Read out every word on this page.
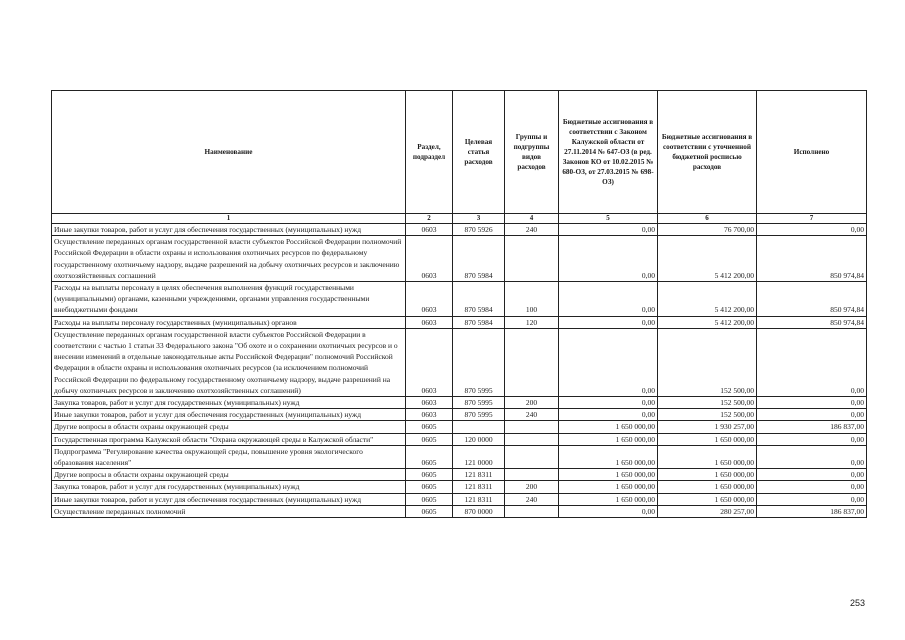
Наименование	Раздел, подраздел	Целевая статья расходов	Группы и подгруппы видов расходов	Бюджетные ассигнования в соответствии с Законом Калужской области от 27.11.2014 № 647-ОЗ (в ред. Законов КО от 10.02.2015 № 680-ОЗ, от 27.03.2015 № 698-ОЗ)	Бюджетные ассигнования в соответствии с уточненной бюджетной росписью расходов	Исполнено
1	2	3	4	5	6	7
Иные закупки товаров, работ и услуг для обеспечения государственных (муниципальных) нужд	0603	870 5926	240	0,00	76 700,00	0,00
Осуществление переданных органам государственной власти субъектов Российской Федерации полномочий Российской Федерации в области охраны и использования охотничьих ресурсов по федеральному государственному охотничьему надзору, выдаче разрешений на добычу охотничьих ресурсов и заключению охотхозяйственных соглашений	0603	870 5984		0,00	5 412 200,00	850 974,84
Расходы на выплаты персоналу в целях обеспечения выполнения функций государственными (муниципальными) органами, казенными учреждениями, органами управления государственными внебюджетными фондами	0603	870 5984	100	0,00	5 412 200,00	850 974,84
Расходы на выплаты персоналу государственных (муниципальных) органов	0603	870 5984	120	0,00	5 412 200,00	850 974,84
Осуществление переданных органам государственной власти субъектов Российской Федерации в соответствии с частью 1 статьи 33 Федерального закона "Об охоте и о сохранении охотничьих ресурсов и о внесении изменений в отдельные законодательные акты Российской Федерации" полномочий Российской Федерации в области охраны и использования охотничьих ресурсов (за исключением полномочий Российской Федерации по федеральному государственному охотничьему надзору, выдаче разрешений на добычу охотничьих ресурсов и заключению охотхозяйственных соглашений)	0603	870 5995		0,00	152 500,00	0,00
Закупка товаров, работ и услуг для государственных (муниципальных) нужд	0603	870 5995	200	0,00	152 500,00	0,00
Иные закупки товаров, работ и услуг для обеспечения государственных (муниципальных) нужд	0603	870 5995	240	0,00	152 500,00	0,00
Другие вопросы в области охраны окружающей среды	0605			1 650 000,00	1 930 257,00	186 837,00
Государственная программа Калужской области "Охрана окружающей среды в Калужской области"	0605	120 0000		1 650 000,00	1 650 000,00	0,00
Подпрограмма "Регулирование качества окружающей среды, повышение уровня экологического образования населения"	0605	121 0000		1 650 000,00	1 650 000,00	0,00
Другие вопросы в области охраны окружающей среды	0605	121 8311		1 650 000,00	1 650 000,00	0,00
Закупка товаров, работ и услуг для государственных (муниципальных) нужд	0605	121 8311	200	1 650 000,00	1 650 000,00	0,00
Иные закупки товаров, работ и услуг для обеспечения государственных (муниципальных) нужд	0605	121 8311	240	1 650 000,00	1 650 000,00	0,00
Осуществление переданных полномочий	0605	870 0000		0,00	280 257,00	186 837,00
253
